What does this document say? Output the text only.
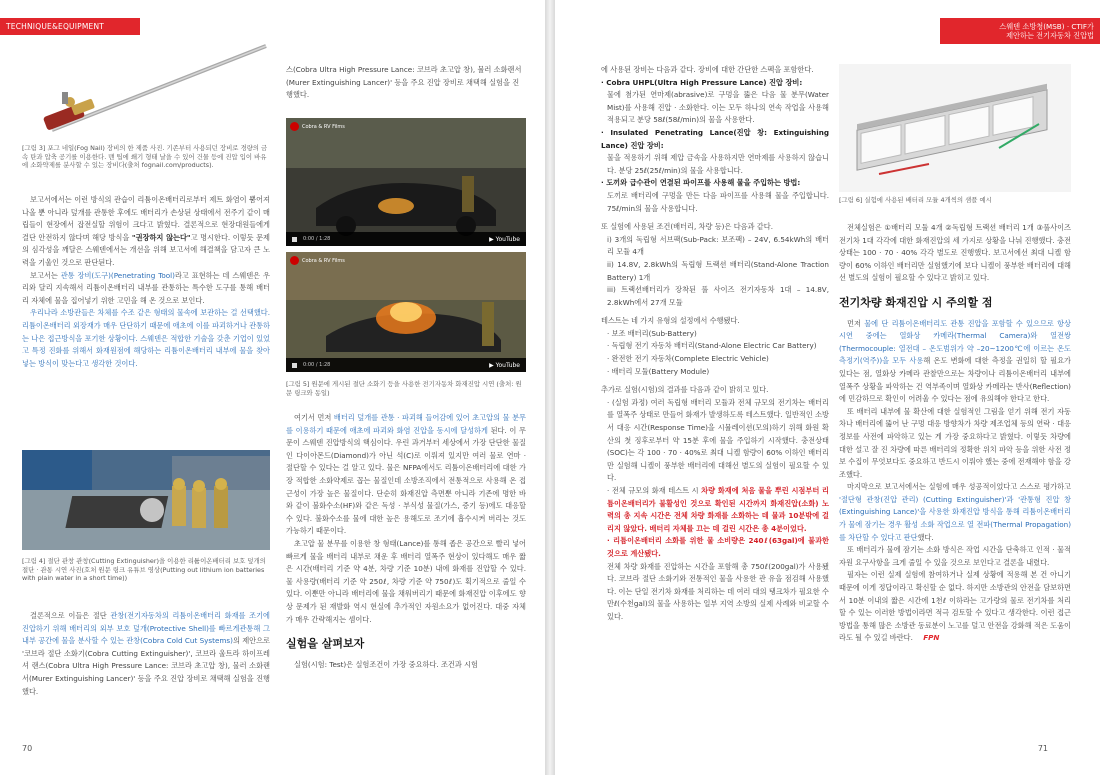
TECHNIQUE&EQUIPMENT
[그림 3] 포그 네일(Fog Nail) 장비의 한 제품 사진. 기존부터 사용되던 장비로 경량의 금속 탄과 압축 공기를 이용한다. 맨 팁에 쐐기 형태 날을 수 있어 건물 등에 진압 입이 바유에 소화약제를 분사할 수 있는 장비다(출처 fognail.com/products).

보고서에서는 이런 방식의 관습이 리튬이온배터리로부터 제트 화염이 뿜어져 나올 뿐 아니라 덮개를 관통한 후에도 배터리가 손상된 상태에서 전주기 같이 매립들이 현장에서 잡전실할 위험이 크다고 밝혔다. 결론적으로 현장대원들에게 결단 안전하지 않다며 해당 방식을 "권장하지 않는다"고 명시한다. 이렇듯 문제의 심각성을 깨달은 스웨덴에서는 개선을 위해 보고서에 해결책을 담고자 큰 노력을 기울인 것으로 판단된다.

보고서는 관통 장비(도구)(Penetrating Tool)라고 표현하는 데 스웨덴은 우리와 달리 지속해서 리튬이온배터리 내부를 관통하는 특수한 도구를 통해 배터리 자체에 물을 집어넣기 위한 고민을 해 온 것으로 보인다.

우리나라 소방관들은 차체를 수조 같은 형태의 물속에 보관하는 걸 선택했다. 리튬이온배터리 외장재가 매우 단단하기 때문에 애초에 이를 파괴하거나 관통하는 나은 접근방식을 포기한 상황이다. 스웨덴은 적합한 기술을 갖춘 기업이 있었고 특정 진화를 위해서 화재원점에 해당하는 리튬이온배터리 내부에 물을 찾아 넣는 방식이 맞는다고 생각한 것이다.

[그림 4] 절단 관창 관창(Cutting Extinguisher)을 이용한 리튬이온배터리 보호 덮개의 절단 · 관통 시연 사진(호처 원문 링크 유튜브 영상(Putting out lithium ion batteries with plain water in a short time))

결론적으로 이들은 절단 관창(전기자동차의 리튬이온배터리 화재를 조기에 진압하기 위해 배터리의 외부 보호 덮개(Protective Shell)를 빠르게관통해 그 내부 공간에 물을 분사할 수 있는 관창(Cobra Cold Cut Systems)의 제안으로 '코브라 절단 소화기(Cobra Cutting Extinguisher)', 코브라 울트라 하이프레셔 랜스(Cobra Ultra High Pressure Lance: 코브라 초고압 창), 물러 소화랜서(Murer Extinguishing Lancer)' 등을 주요 진압 장비로 채택해 실험을 진행했다.

스(Cobra Ultra High Pressure Lance: 코브라 초고압 창), 뮬러 소화랜서(Murer Extinguishing Lancer)' 등을 주요 진압 장비로 채택해 실험을 진행했다.
Cobra & RV Films
0:00 / 1:28	▶ YouTube
Cobra & RV Films
0:00 / 1:28	▶ YouTube
[그림 5] 원문에 게시된 절단 소화기 등을 사용한 전기자동차 화재진압 시연 (출처: 원문 링크와 동일)

여기서 먼저 배터리 덮개를 관통 · 파괴해 들어감에 있어 초고압의 물 분무를 이용하기 때문에 애초에 파괴와 화염 진압을 동시에 달성하게 된다. 이 무문이 스웨덴 진압방식의 핵심이다. 우린 과거부터 세상에서 가장 단단한 물질인 다이아몬드(Diamond)가 아닌 석(C)로 이뤄져 있지만 여러 물로 연마 · 절단할 수 있다는 걸 알고 있다. 물은 NFPA에서도 리튬이온배터리에 대한 가장 적합한 소화약제로 꼽는 물질인데 소방조직에서 전통적으로 사용해 온 접근성이 가장 높은 물질이다. 단순히 화재진압 측면뿐 아니라 기존에 명한 바와 같이 불화수소(HF)와 같은 독성 · 부식성 물질(가스, 증기 등)에도 대응할 수 있다. 불화수소를 물에 대한 높은 용해도로 조기에 흡수시켜 버리는 것도 가능하기 때문이다.

초고압 물 분무를 이용한 창 형태(Lance)를 통해 좁은 공간으로 빨리 넣어 빠르게 물을 배터리 내부로 채운 후 배터리 열폭주 현상이 있다해도 매우 짧은 시간(배터리 기준 약 4분, 차량 기준 10분) 내에 화재를 진압할 수 있다. 물 사용량(배터리 기준 약 250ℓ, 차량 기준 약 750ℓ)도 획기적으로 줄일 수 있다. 이뿐만 아니라 배터리에 물을 채워버리기 때문에 화재진압 이후에도 향상 문제가 된 재발화 역시 현실에 추가적인 자원소요가 없어진다. 대중 자체가 매우 간략해지는 셈이다.

실험을 살펴보자

실험(시험: Test)은 실험조건이 가장 중요하다. 조건과 시험

70
스웨덴 소방청(MSB) · CTIF가
제안하는 전기자동차 진압법

에 사용된 장비는 다음과 같다. 장비에 대한 간단한 스펙을 포함한다.

· Cobra UHPL(Ultra High Pressure Lance) 진압 장비:

물에 첨가된 연마제(abrasive)로 구멍을 뚫은 다음 물 분무(Water Mist)를 사용해 진압 · 소화한다. 이는 모두 하나의 연속 작업을 사용해 적용되고 분당 58ℓ(58ℓ/min)의 물을 사용한다.

· Insulated Penetrating Lance(진압 창: Extinguishing Lance) 진압 장비:

물을 적용하기 위해 제압 금속을 사용하지만 연마제를 사용하지 않습니다. 분당 25ℓ(25ℓ/min)의 물을 사용합니다.

· 도끼와 급수관이 연결된 파이프를 사용해 물을 주입하는 방법:

도끼로 배터리에 구멍을 만든 다음 파이프를 사용해 물을 주입합니다. 75ℓ/min의 물을 사용합니다.

또 실험에 사용된 조건(배터리, 차량 등)은 다음과 같다.

i) 3개의 독립형 서브팩(Sub-Pack: 보조팩) – 24V, 6.54kWh의 배터리 모듈 4개

ii) 14.8V, 2.8kWh의 독립형 트랙션 배터리(Stand-Alone Traction Battery) 1개

iii) 트랙션배터리가 장착된 풀 사이즈 전기자동차 1대 – 14.8V, 2.8kWh에서 27개 모듈

테스트는 네 가지 유형의 설정에서 수행됐다.

· 보조 배터리(Sub-Battery)

· 독립형 전기 자동차 배터리(Stand-Alone Electric Car Battery)

· 완전한 전기 자동차(Complete Electric Vehicle)

· 배터리 모듈(Battery Module)

추가로 실험(시험)의 결과를 다음과 같이 밝히고 있다.

· (실험 과정) 여러 독립형 배터리 모듈과 전체 규모의 전기차는 배터리를 열폭주 상태로 만들어 화재가 발생하도록 테스트했다. 일반적인 소방서 대응 시간(Response Time)을 시뮬레이션(모의)하기 위해 화원 확산의 첫 징후로부터 약 15분 후에 물을 주입하기 시작했다. 충전상태(SOC)는 각 100 · 70 · 40%로 최대 니켈 함량이 60% 이하인 배터리만 실험해 니켈이 풍부한 배터리에 대해선 별도의 실험이 필요할 수 있다.

· 전체 규모의 화재 테스트 시 차량 화재에 처음 물을 뿌린 시점부터 리튬이온배터리가 불활성인 것으로 확인된 시간까지 화재진압(소화) 노력의 총 지속 시간은 전체 차량 화재를 소화하는 데 물과 10분밖에 걸리지 않았다. 배터리 자체를 끄는 데 걸린 시간은 총 4분이었다.

· 리튬이온배터리 소화를 위한 물 소비량은 240ℓ(63gal)에 불과한 것으로 계산됐다.

전체 차량 화재를 진압하는 시간을 포함해 총 750ℓ(200gal)가 사용됐다. 코브라 절단 소화기와 전통적인 물을 사용한 관 유을 점검해 사용했다. 이는 단일 전기차 화재를 처리하는 데 여러 대의 탱크차가 필요한 수만ℓ(수천gal)의 물을 사용하는 일부 지역 소방의 실제 사례와 비교할 수 있다.

[그림 6] 실험에 사용된 배터리 모듈 4개씩의 샘플 예시

전체실험은 ①배터리 모듈 4개 ②독립형 트랙션 배터리 1개 ③풀사이즈 전기차 1대 각각에 대한 화재진압의 세 가지로 상황을 나눠 진행했다. 충전상태는 100 · 70 · 40% 각각 별도로 진행했다. 보고서에선 최대 니켈 함량이 60% 이하인 배터리만 실험했기에 보다 니켈이 풍부한 배터리에 대해선 별도의 실험이 필요할 수 있다고 밝히고 있다.

전기차량 화재진압 시 주의할 점

먼저 물에 단 리튬이온배터리도 관통 진압을 포함할 수 있으므로 항상 시연 중에는 열화상 카메라(Thermal Camera)와 열전쌍(Thermocouple: 열전대 – 온도범위가 약 –20~1200℃에 이르는 온도측정기(역주))을 모두 사용해 온도 변화에 대한 측정을 권일히 할 필요가 있다는 점, 열화상 카메라 관찰만으로는 차량이나 리튬이온배터리 내부에 열폭주 상황을 파악하는 건 역부족이며 열화상 카메라는 반사(Reflection)에 민감하므로 확인이 어려울 수 있다는 점에 유의해야 한다고 한다.

또 배터리 내부에 물 확산에 대한 실험적인 그림을 얻기 위해 전기 자동차나 배터리에 뚫어 난 구멍 대응 방향차가 차량 제조업체 등의 연락 · 대응 정보를 사전에 파악하고 있는 게 가장 중요하다고 밝혔다. 이렇듯 차량에 대한 설고 잘 진 차량에 따른 배터리의 정확한 위치 파악 등을 위한 사전 정보 수집이 무엇보다도 중요하고 반드시 이뤄야 했는 중에 전재해야 함을 강조했다.

마지막으로 보고서에서는 실험에 매우 성공적이었다고 스스로 평가하고 '절단형 관창(진압 관리) (Cutting Extinguisher)'과 '관통형 진압 창(Extinguishing Lance)'을 사용한 화재진압 방식을 통해 리튬이온배터리가 물에 잠기는 경우 활성 소화 작업으로 열 전파(Thermal Propagation)를 차단할 수 있다고 판단했다.

또 배터리가 물에 잠기는 소화 방식은 작업 시간을 단축하고 인적 · 물적 자원 요구사항을 크게 줄일 수 있을 것으로 보인다고 결론을 내렸다.

필자는 이런 실제 실험에 참여하거나 실제 상황에 적용해 본 건 아니기 때문에 이게 정답이라고 확신할 순 없다. 하지만 소방관의 안전을 담보하면서 10분 이내의 짧은 시간에 1천ℓ 이하라는 고가량의 물로 전기차를 처리할 수 있는 이러한 방법이라면 적극 검토할 수 있다고 생각한다. 이런 접근 방법을 통해 많은 소방관 동료분이 노고를 덜고 안전을 강화해 적은 도움이라도 될 수 있길 바란다. FPN

71
